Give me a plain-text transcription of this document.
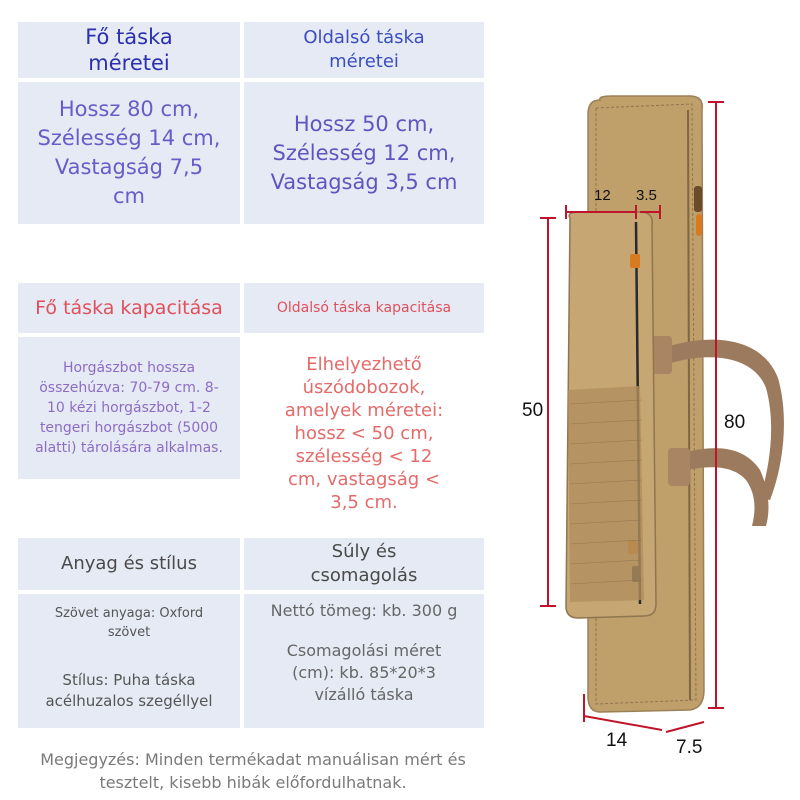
Fő táska méretei
Oldalsó táska méretei
Hossz 80 cm, Szélesség 14 cm, Vastagság 7,5 cm
Hossz 50 cm, Szélesség 12 cm, Vastagság 3,5 cm
Fő táska kapacitása	Oldalsó táska kapacitása
Horgászbot hossza összehúzva: 70-79 cm. 8-10 kézi horgászbot, 1-2 tengeri horgászbot (5000 alatti) tárolására alkalmas.
Elhelyezhető úszódobozok, amelyek méretei: hossz < 50 cm, szélesség < 12 cm, vastagság < 3,5 cm.
Anyag és stílus
Súly és csomagolás
Szövet anyaga: Oxford szövet
Stílus: Puha táska acélhuzalos szegéllyel
Nettó tömeg: kb. 300 g
Csomagolási méret (cm): kb. 85*20*3 vízálló táska
Megjegyzés: Minden termékadat manuálisan mért és tesztelt, kisebb hibák előfordulhatnak.
12 3.5
50
80
14	7.5
